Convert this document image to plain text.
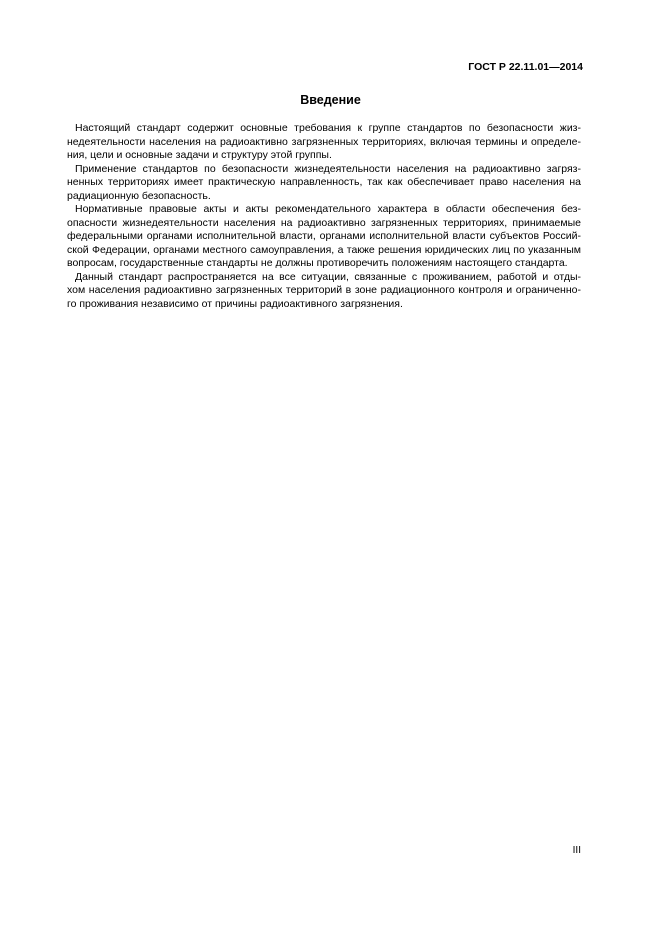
ГОСТ Р 22.11.01—2014
Введение
Настоящий стандарт содержит основные требования к группе стандартов по безопасности жиз-
недеятельности населения на радиоактивно загрязненных территориях, включая термины и определе-
ния, цели и основные задачи и структуру этой группы.
Применение стандартов по безопасности жизнедеятельности населения на радиоактивно загряз-
ненных территориях имеет практическую направленность, так как обеспечивает право населения на
радиационную безопасность.
Нормативные правовые акты и акты рекомендательного характера в области обеспечения без-
опасности жизнедеятельности населения на радиоактивно загрязненных территориях, принимаемые
федеральными органами исполнительной власти, органами исполнительной власти субъектов Россий-
ской Федерации, органами местного самоуправления, а также решения юридических лиц по указанным
вопросам, государственные стандарты не должны противоречить положениям настоящего стандарта.
Данный стандарт распространяется на все ситуации, связанные с проживанием, работой и отды-
хом населения радиоактивно загрязненных территорий в зоне радиационного контроля и ограниченно-
го проживания независимо от причины радиоактивного загрязнения.
III
